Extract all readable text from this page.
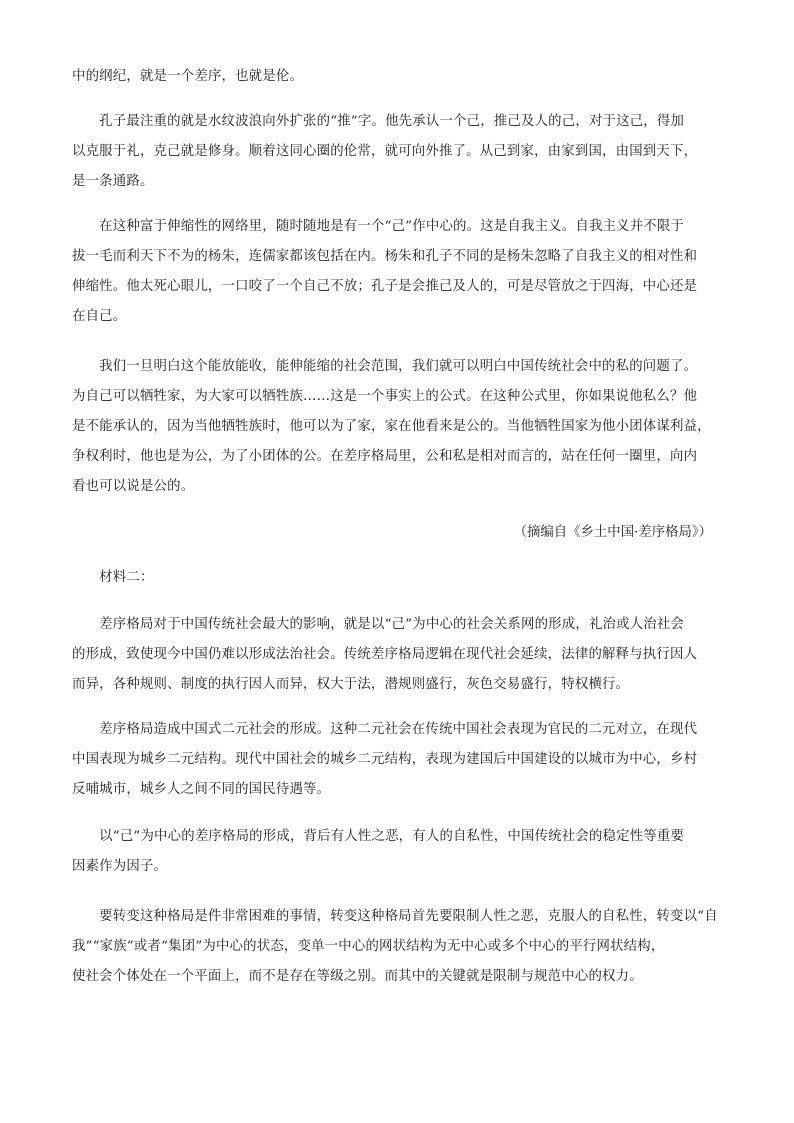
中的纲纪，就是一个差序，也就是伦。

　　孔子最注重的就是水纹波浪向外扩张的“推”字。他先承认一个己，推己及人的己，对于这己，得加
以克服于礼，克己就是修身。顺着这同心圈的伦常，就可向外推了。从己到家，由家到国，由国到天下，
是一条通路。

　　在这种富于伸缩性的网络里，随时随地是有一个“己”作中心的。这是自我主义。自我主义并不限于
拔一毛而利天下不为的杨朱，连儒家都该包括在内。杨朱和孔子不同的是杨朱忽略了自我主义的相对性和
伸缩性。他太死心眼儿，一口咬了一个自己不放；孔子是会推己及人的，可是尽管放之于四海，中心还是
在自己。

　　我们一旦明白这个能放能收，能伸能缩的社会范围，我们就可以明白中国传统社会中的私的问题了。
为自己可以牺牲家，为大家可以牺牲族……这是一个事实上的公式。在这种公式里，你如果说他私么？他
是不能承认的，因为当他牺牲族时，他可以为了家，家在他看来是公的。当他牺牲国家为他小团体谋利益，
争权利时，他也是为公，为了小团体的公。在差序格局里，公和私是相对而言的，站在任何一圈里，向内
看也可以说是公的。

（摘编自《乡土中国·差序格局》）

　　材料二：

　　差序格局对于中国传统社会最大的影响，就是以“己”为中心的社会关系网的形成，礼治或人治社会
的形成，致使现今中国仍难以形成法治社会。传统差序格局逻辑在现代社会延续，法律的解释与执行因人
而异，各种规则、制度的执行因人而异，权大于法，潜规则盛行，灰色交易盛行，特权横行。

　　差序格局造成中国式二元社会的形成。这种二元社会在传统中国社会表现为官民的二元对立，在现代
中国表现为城乡二元结构。现代中国社会的城乡二元结构，表现为建国后中国建设的以城市为中心，乡村
反哺城市，城乡人之间不同的国民待遇等。

　　以“己”为中心的差序格局的形成，背后有人性之恶，有人的自私性，中国传统社会的稳定性等重要
因素作为因子。

　　要转变这种格局是件非常困难的事情，转变这种格局首先要限制人性之恶，克服人的自私性，转变以“自
我”“家族”或者“集团”为中心的状态，变单一中心的网状结构为无中心或多个中心的平行网状结构，
使社会个体处在一个平面上，而不是存在等级之别。而其中的关键就是限制与规范中心的权力。
